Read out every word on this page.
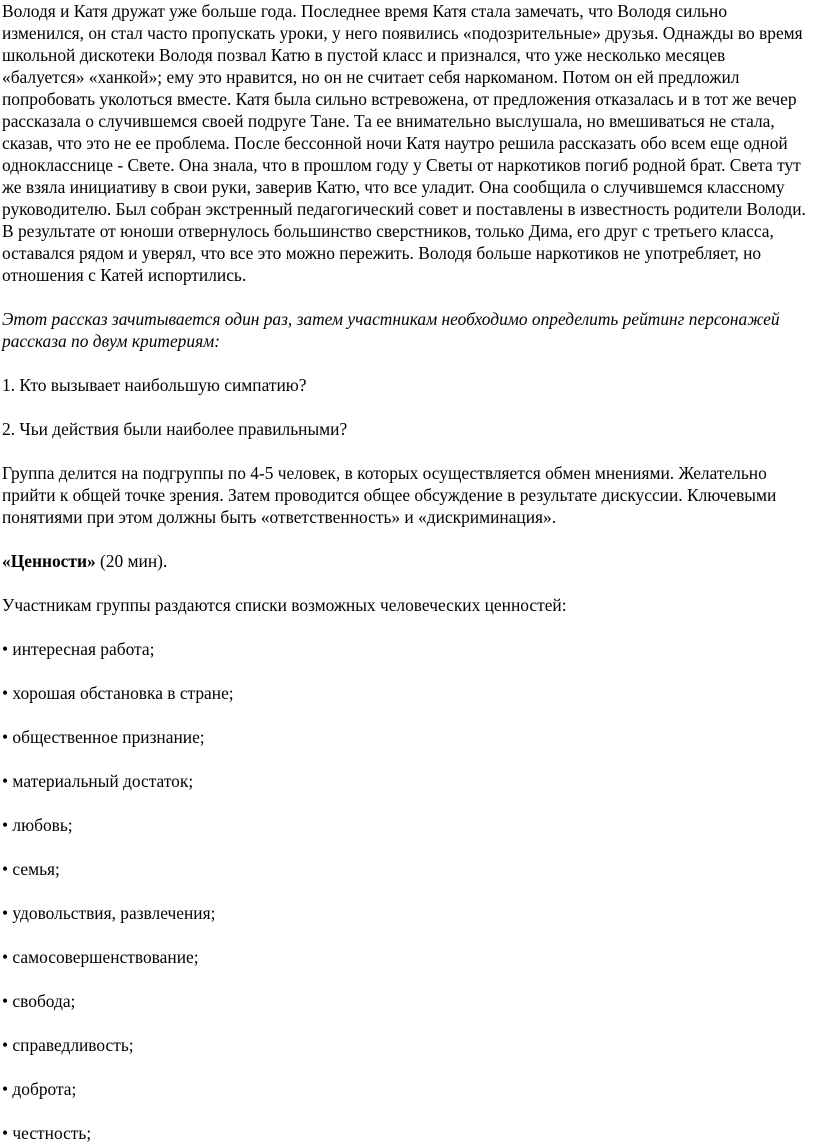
Володя и Катя дружат уже больше года. Последнее время Катя стала замечать, что Володя сильно изменился, он стал часто пропускать уроки, у него появились «подозрительные» друзья. Однажды во время школьной дискотеки Володя позвал Катю в пустой класс и признался, что уже несколько месяцев «балуется» «ханкой»; ему это нравится, но он не считает себя наркоманом. Потом он ей предложил попробовать уколоться вместе. Катя была сильно встревожена, от предложения отказалась и в тот же вечер рассказала о случившемся своей подруге Тане. Та ее внимательно выслушала, но вмешиваться не стала, сказав, что это не ее проблема. После бессонной ночи Катя наутро решила рассказать обо всем еще одной однокласснице - Свете. Она знала, что в прошлом году у Светы от наркотиков погиб родной брат. Света тут же взяла инициативу в свои руки, заверив Катю, что все уладит. Она сообщила о случившемся классному руководителю. Был собран экстренный педагогический совет и поставлены в известность родители Володи. В результате от юноши отвернулось большинство сверстников, только Дима, его друг с третьего класса, оставался рядом и уверял, что все это можно пережить. Володя больше наркотиков не употребляет, но отношения с Катей испортились.

Этот рассказ зачитывается один раз, затем участникам необходимо определить рейтинг персонажей рассказа по двум критериям:

1. Кто вызывает наибольшую симпатию?

2. Чьи действия были наиболее правильными?

Группа делится на подгруппы по 4-5 человек, в которых осуществляется обмен мнениями. Желательно прийти к общей точке зрения. Затем проводится общее обсуждение в результате дискуссии. Ключевыми понятиями при этом должны быть «ответственность» и «дискриминация».

«Ценности» (20 мин).

Участникам группы раздаются списки возможных человеческих ценностей:

• интересная работа;
• хорошая обстановка в стране;
• общественное признание;
• материальный достаток;
• любовь;
• семья;
• удовольствия, развлечения;
• самосовершенствование;
• свобода;
• справедливость;
• доброта;
• честность;
